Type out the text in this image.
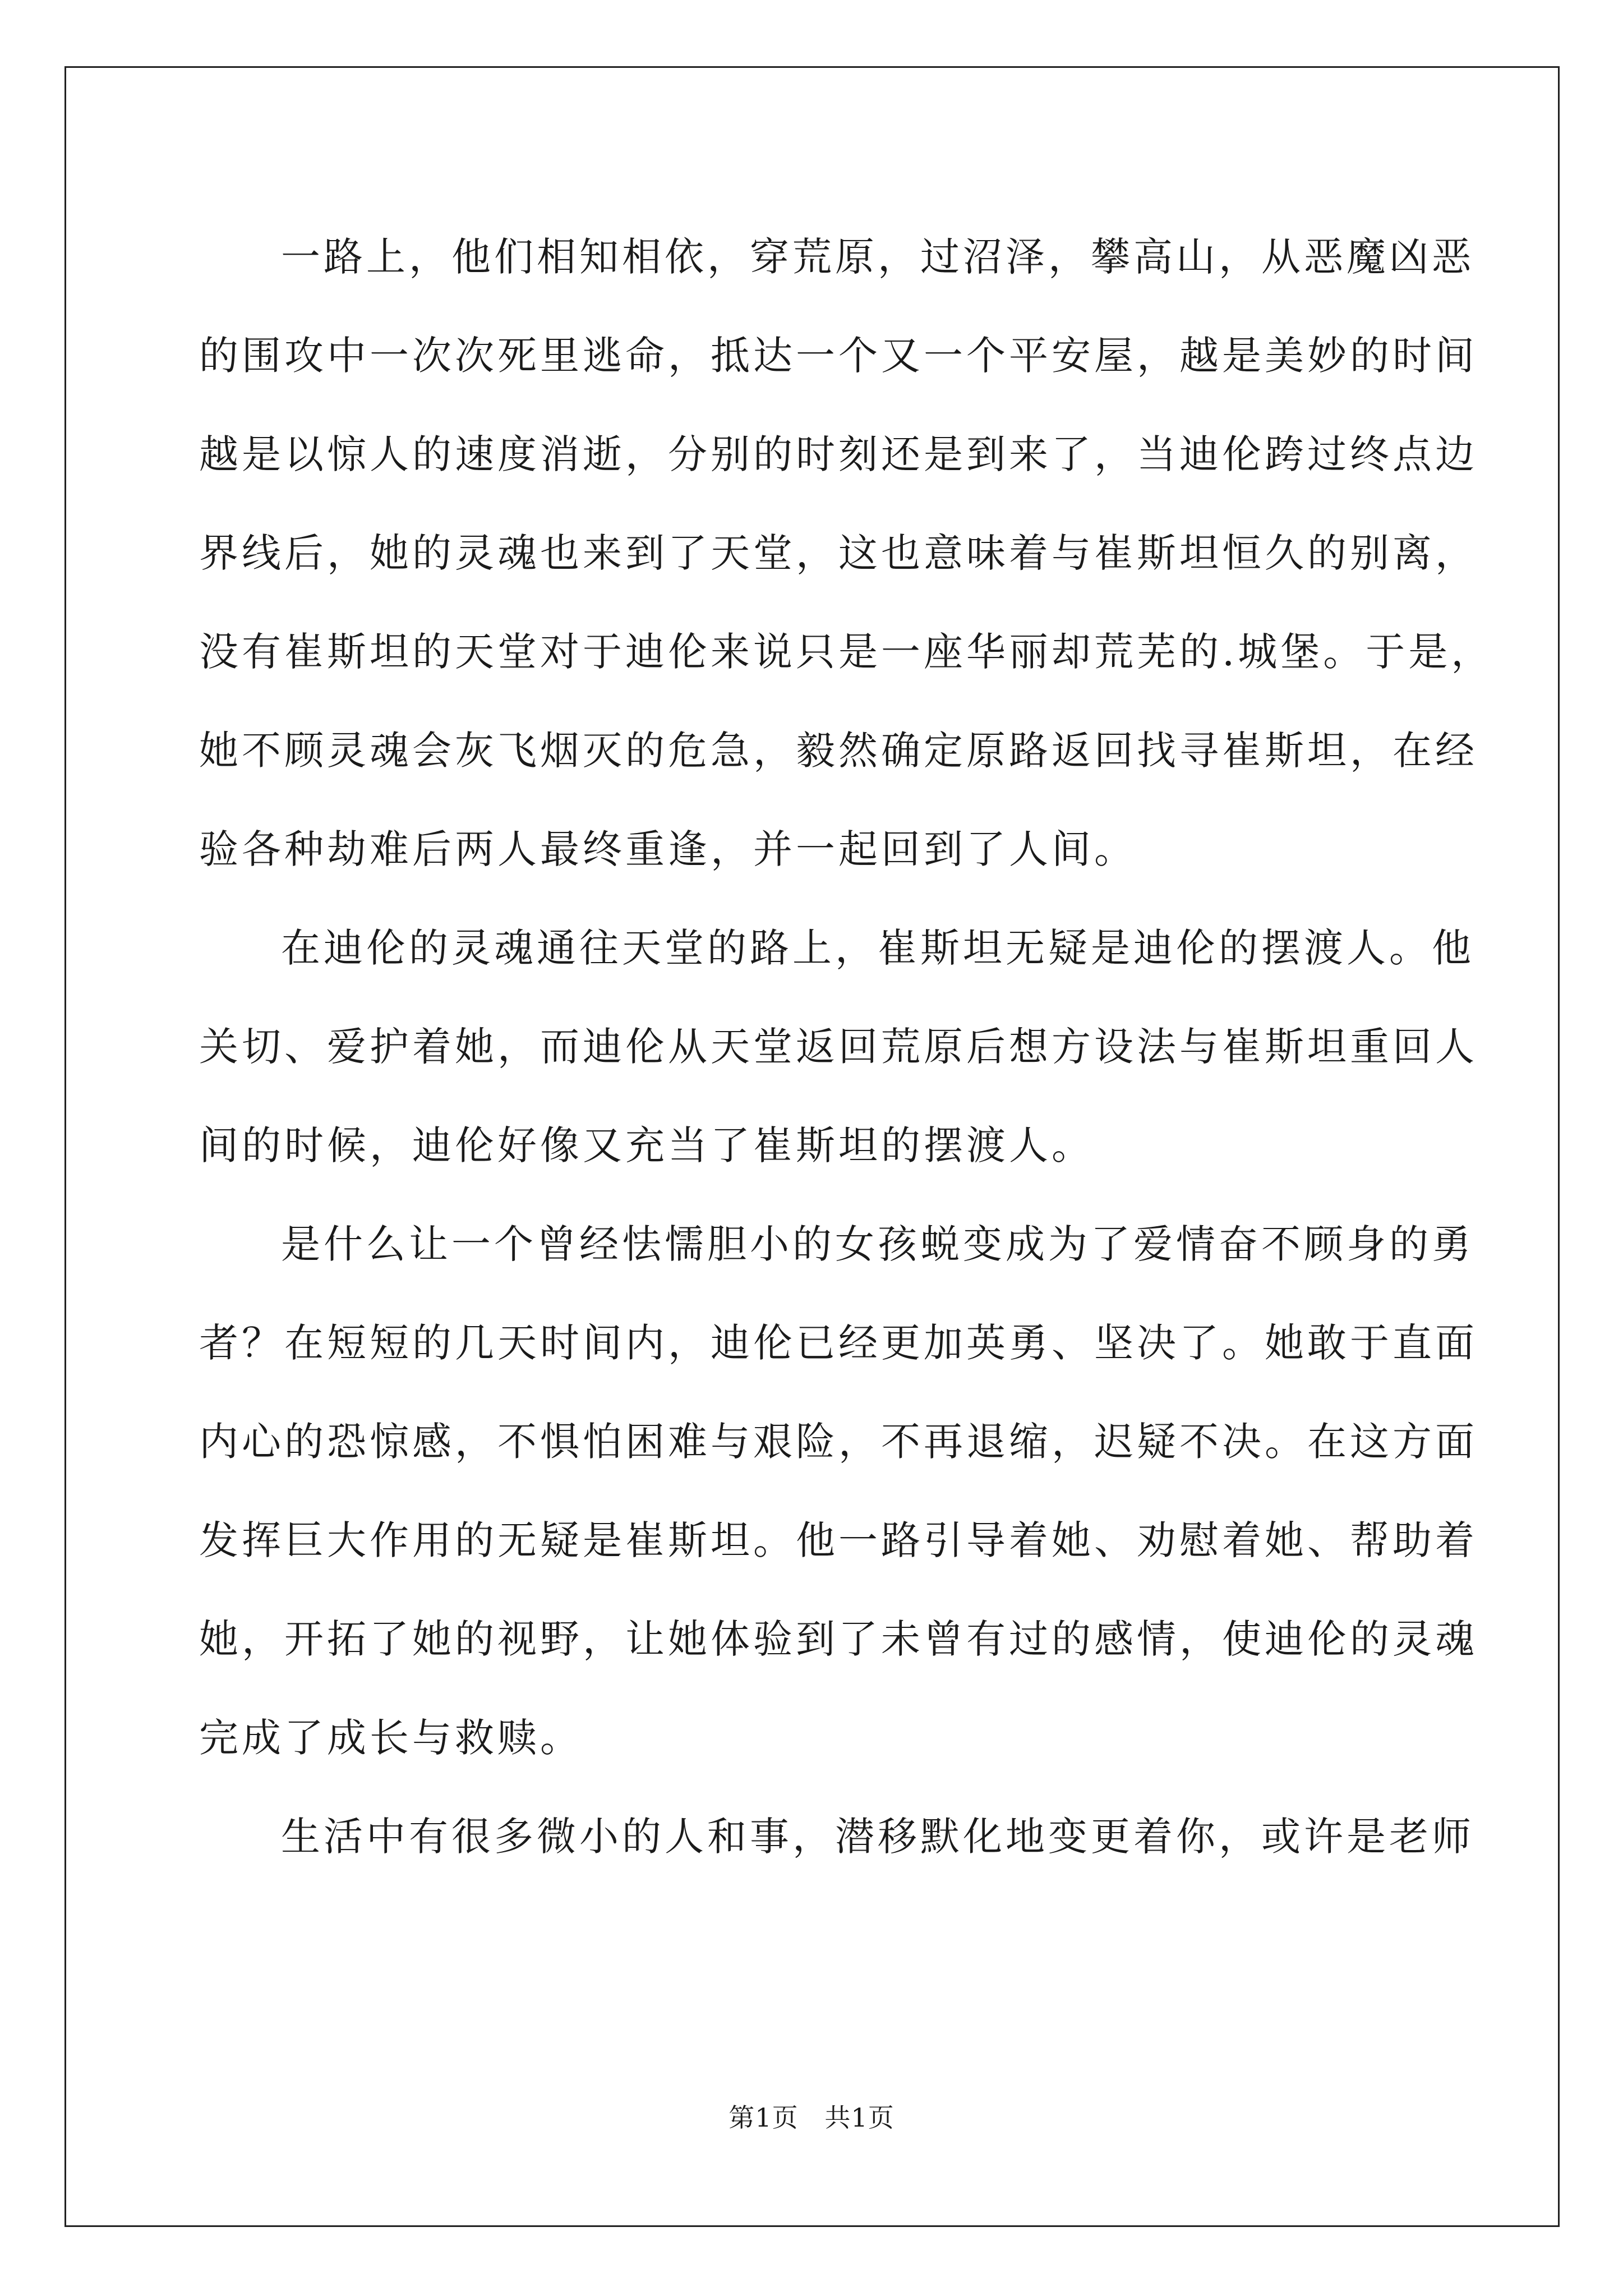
一路上，他们相知相依，穿荒原，过沼泽，攀高山，从恶魔凶恶
的围攻中一次次死里逃命，抵达一个又一个平安屋，越是美妙的时间
越是以惊人的速度消逝，分别的时刻还是到来了，当迪伦跨过终点边
界线后，她的灵魂也来到了天堂，这也意味着与崔斯坦恒久的别离，
没有崔斯坦的天堂对于迪伦来说只是一座华丽却荒芜的.城堡。于是，
她不顾灵魂会灰飞烟灭的危急，毅然确定原路返回找寻崔斯坦，在经
验各种劫难后两人最终重逢，并一起回到了人间。
在迪伦的灵魂通往天堂的路上，崔斯坦无疑是迪伦的摆渡人。他
关切、爱护着她，而迪伦从天堂返回荒原后想方设法与崔斯坦重回人
间的时候，迪伦好像又充当了崔斯坦的摆渡人。
是什么让一个曾经怯懦胆小的女孩蜕变成为了爱情奋不顾身的勇
者？在短短的几天时间内，迪伦已经更加英勇、坚决了。她敢于直面
内心的恐惊感，不惧怕困难与艰险，不再退缩，迟疑不决。在这方面
发挥巨大作用的无疑是崔斯坦。他一路引导着她、劝慰着她、帮助着
她，开拓了她的视野，让她体验到了未曾有过的感情，使迪伦的灵魂
完成了成长与救赎。
生活中有很多微小的人和事，潜移默化地变更着你，或许是老师
第1页   共1页
